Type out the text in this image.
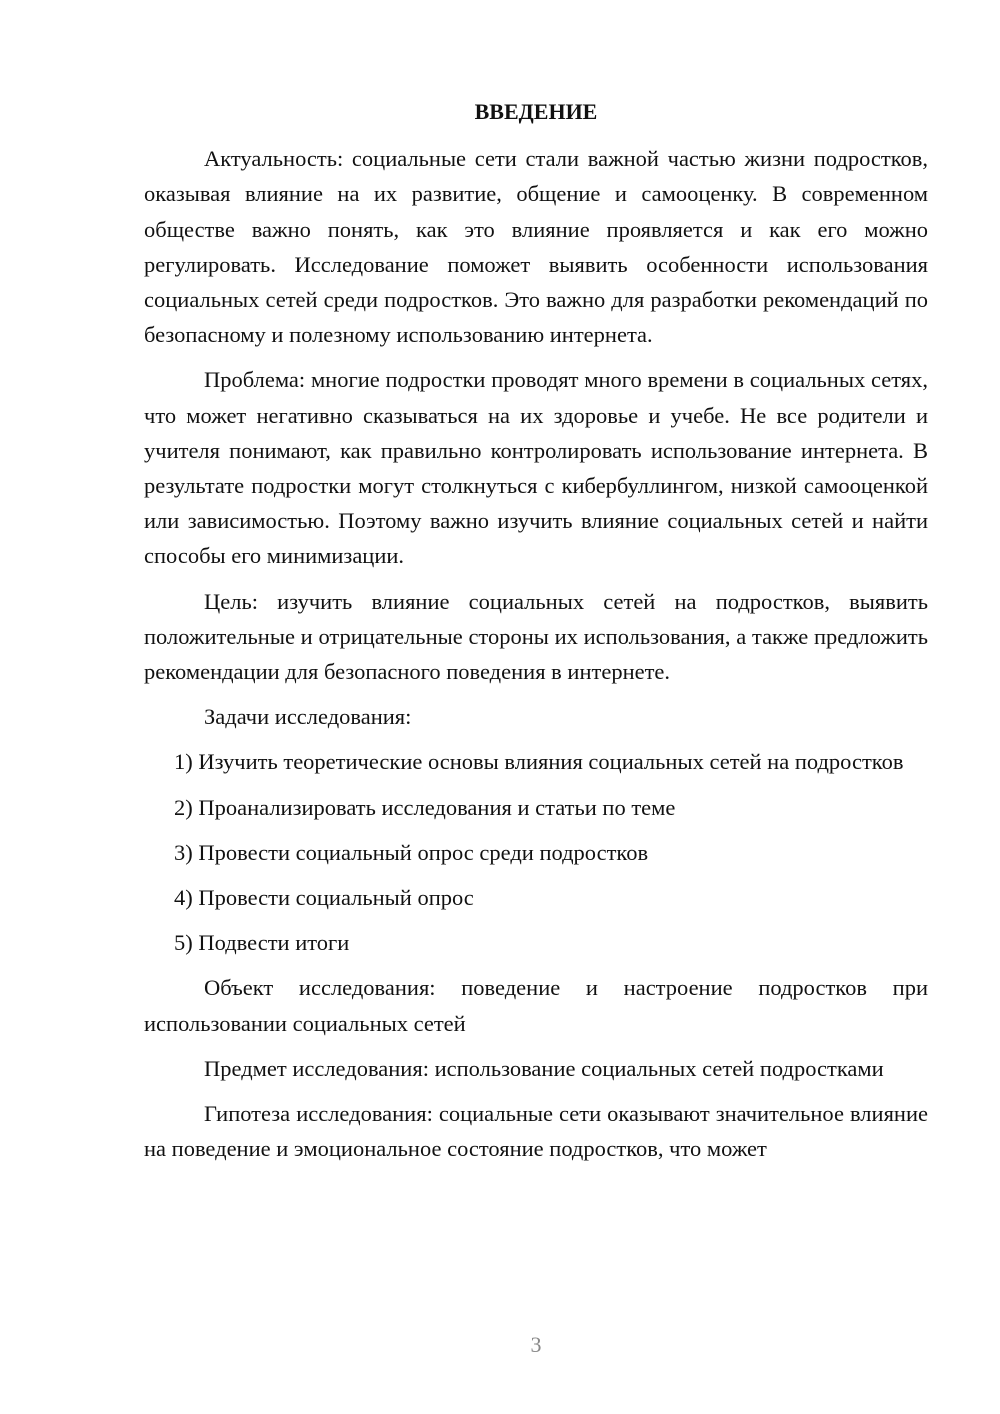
ВВЕДЕНИЕ

Актуальность: социальные сети стали важной частью жизни подростков, оказывая влияние на их развитие, общение и самооценку. В современном обществе важно понять, как это влияние проявляется и как его можно регулировать. Исследование поможет выявить особенности использования социальных сетей среди подростков. Это важно для разработки рекомендаций по безопасному и полезному использованию интернета.

Проблема: многие подростки проводят много времени в социальных сетях, что может негативно сказываться на их здоровье и учебе. Не все родители и учителя понимают, как правильно контролировать использование интернета. В результате подростки могут столкнуться с кибербуллингом, низкой самооценкой или зависимостью. Поэтому важно изучить влияние социальных сетей и найти способы его минимизации.

Цель: изучить влияние социальных сетей на подростков, выявить положительные и отрицательные стороны их использования, а также предложить рекомендации для безопасного поведения в интернете.

Задачи исследования:

1) Изучить теоретические основы влияния социальных сетей на подростков

2) Проанализировать исследования и статьи по теме

3) Провести социальный опрос среди подростков

4) Провести социальный опрос

5) Подвести итоги

Объект исследования: поведение и настроение подростков при использовании социальных сетей

Предмет исследования: использование социальных сетей подростками

Гипотеза исследования: социальные сети оказывают значительное влияние на поведение и эмоциональное состояние подростков, что может

3
